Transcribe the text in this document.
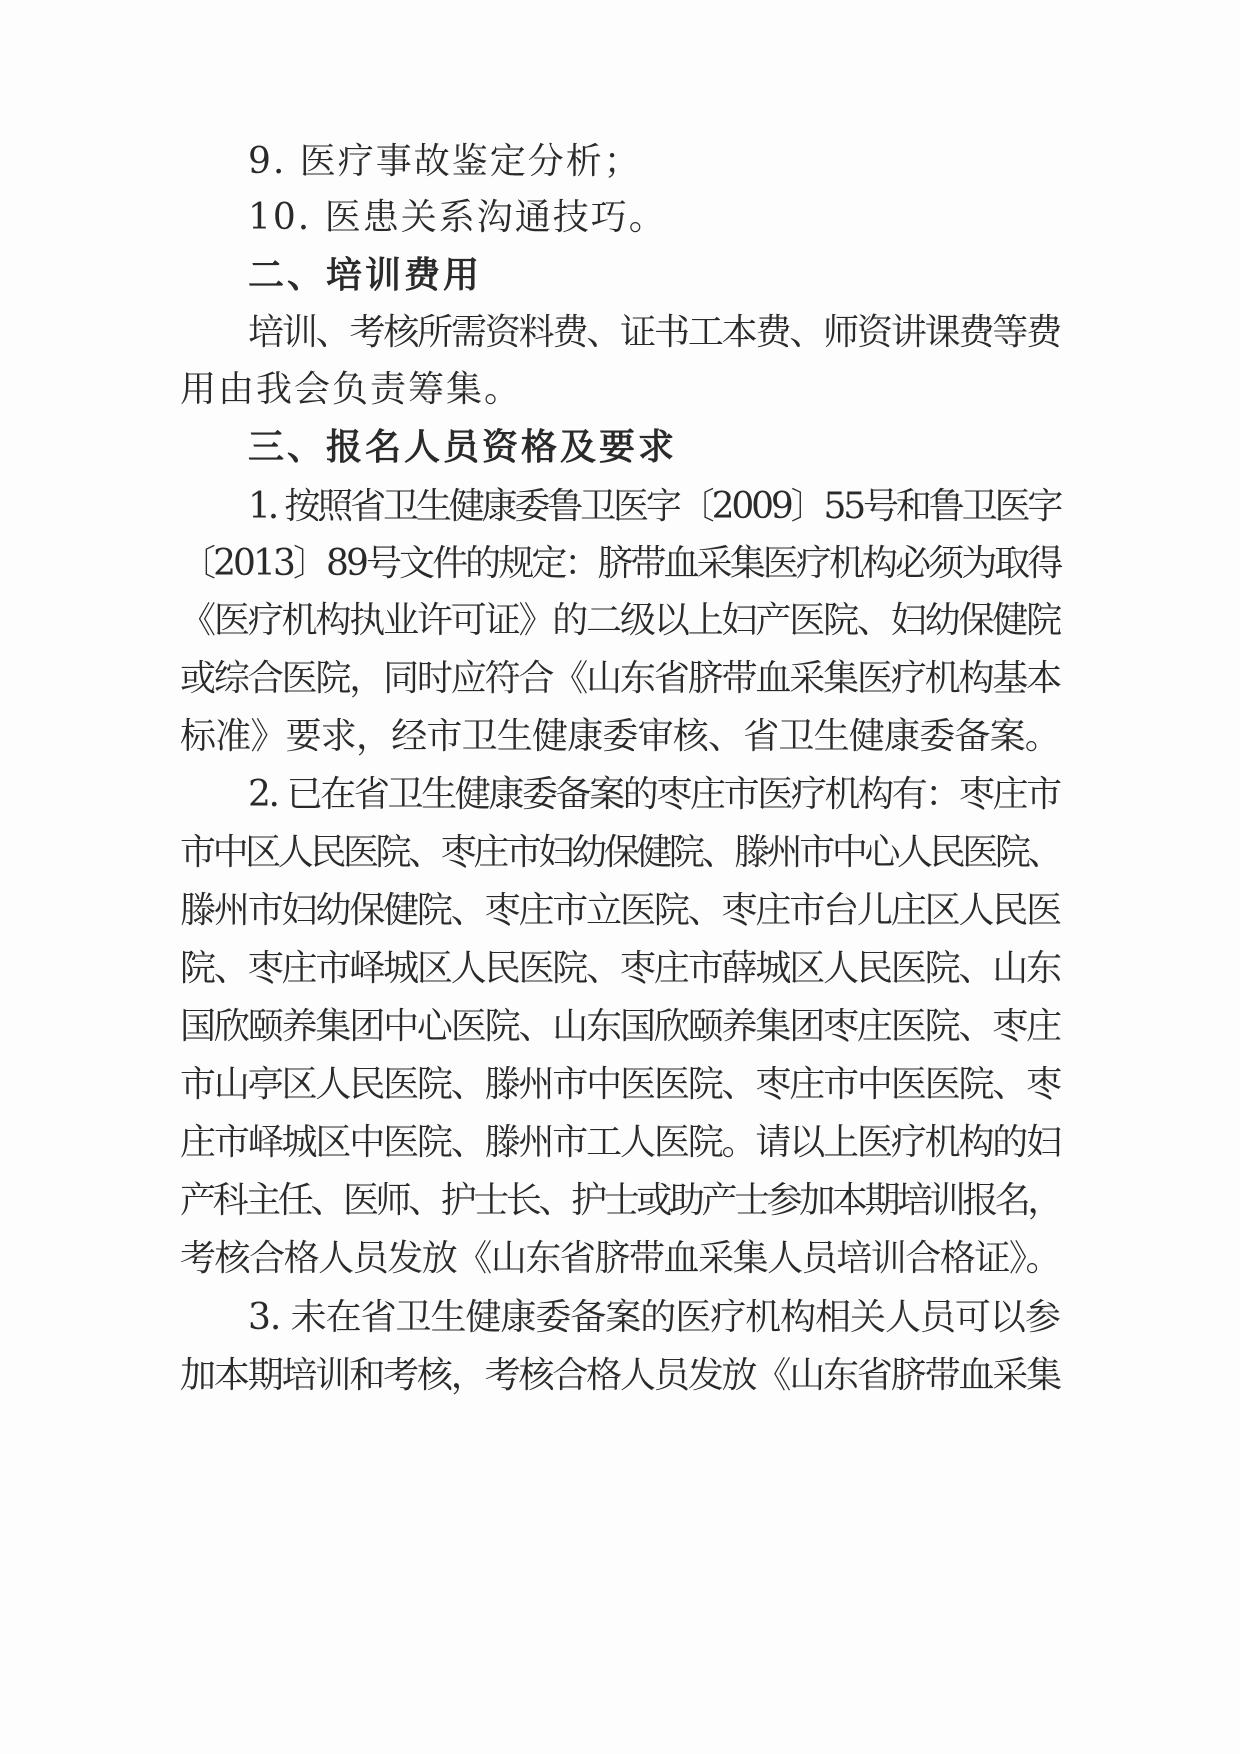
9. 医疗事故鉴定分析；
10. 医患关系沟通技巧。
二、培训费用
培训、考核所需资料费、证书工本费、师资讲课费等费
用由我会负责筹集。
三、报名人员资格及要求
1. 按照省卫生健康委鲁卫医字〔2009〕55号和鲁卫医字
〔2013〕89号文件的规定：脐带血采集医疗机构必须为取得
《医疗机构执业许可证》的二级以上妇产医院、妇幼保健院
或综合医院，同时应符合《山东省脐带血采集医疗机构基本
标准》要求，经市卫生健康委审核、省卫生健康委备案。
2. 已在省卫生健康委备案的枣庄市医疗机构有：枣庄市
市中区人民医院、枣庄市妇幼保健院、滕州市中心人民医院、
滕州市妇幼保健院、枣庄市立医院、枣庄市台儿庄区人民医
院、枣庄市峄城区人民医院、枣庄市薛城区人民医院、山东
国欣颐养集团中心医院、山东国欣颐养集团枣庄医院、枣庄
市山亭区人民医院、滕州市中医医院、枣庄市中医医院、枣
庄市峄城区中医院、滕州市工人医院。请以上医疗机构的妇
产科主任、医师、护士长、护士或助产士参加本期培训报名，
考核合格人员发放《山东省脐带血采集人员培训合格证》。
3. 未在省卫生健康委备案的医疗机构相关人员可以参
加本期培训和考核，考核合格人员发放《山东省脐带血采集
